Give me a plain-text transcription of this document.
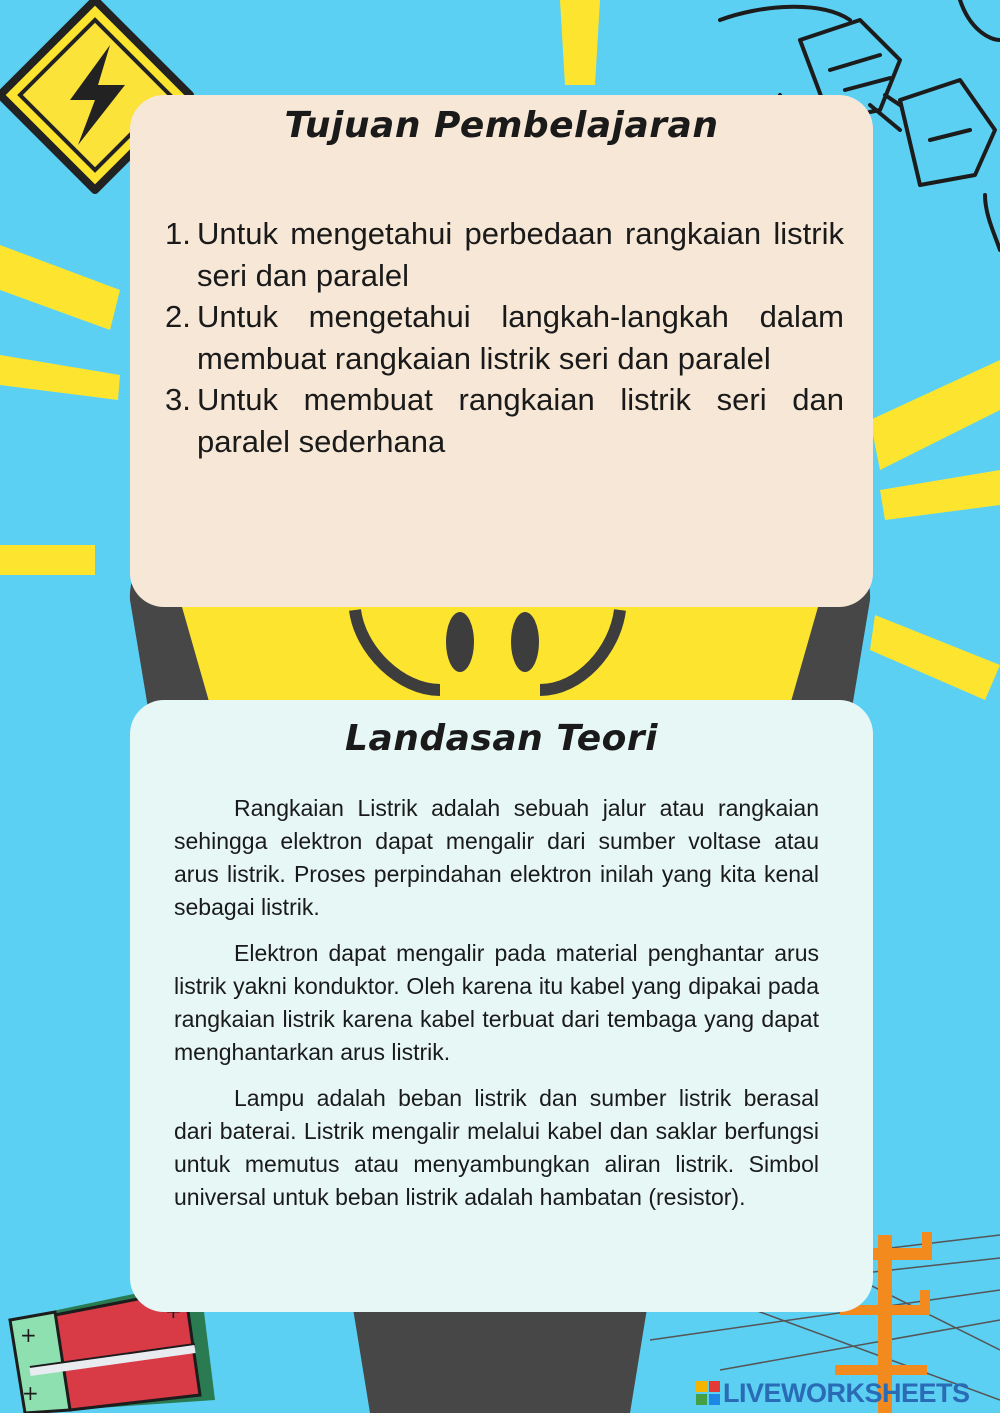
+
+
Tujuan Pembelajaran
1. Untuk mengetahui perbedaan rangkaian listrik seri dan paralel
2. Untuk mengetahui langkah-langkah dalam membuat rangkaian listrik seri dan paralel
3. Untuk membuat rangkaian listrik seri dan paralel sederhana
Landasan Teori

Rangkaian Listrik adalah sebuah jalur atau rangkaian sehingga elektron dapat mengalir dari sumber voltase atau arus listrik. Proses perpindahan elektron inilah yang kita kenal sebagai listrik.

Elektron dapat mengalir pada material penghantar arus listrik yakni konduktor. Oleh karena itu kabel yang dipakai pada rangkaian listrik karena kabel terbuat dari tembaga yang dapat menghantarkan arus listrik.

Lampu adalah beban listrik dan sumber listrik berasal dari baterai. Listrik mengalir melalui kabel dan saklar berfungsi untuk memutus atau menyambungkan aliran listrik. Simbol universal untuk beban listrik adalah hambatan (resistor).

LIVEWORKSHEETS
